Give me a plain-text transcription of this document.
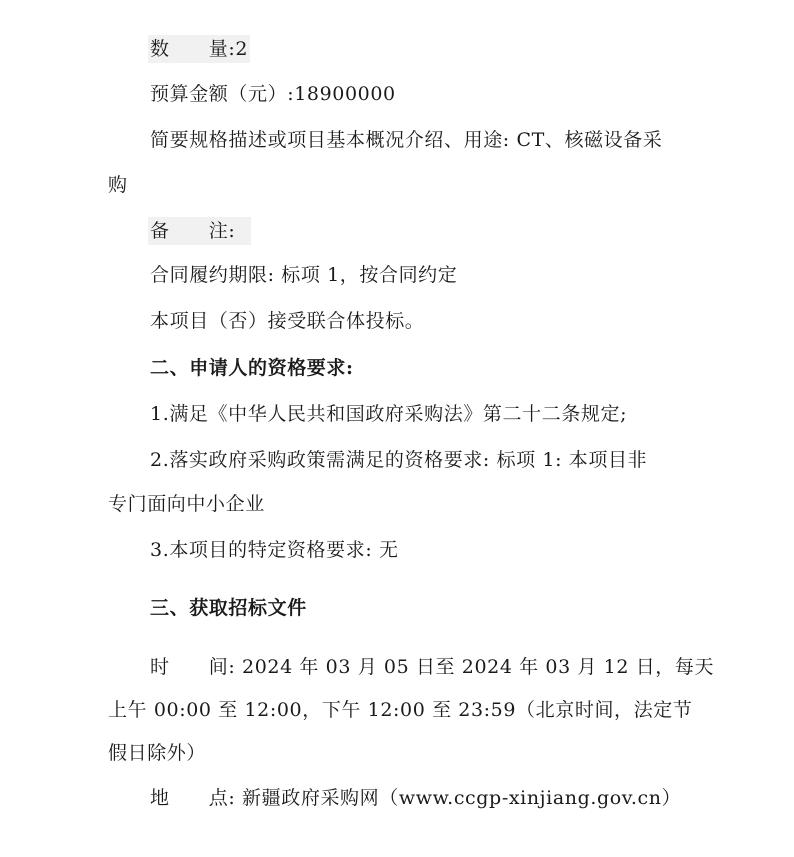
数　　量:2
预算金额（元）:18900000
简要规格描述或项目基本概况介绍、用途: CT、核磁设备采
购
备　　注:
合同履约期限: 标项 1，按合同约定
本项目（否）接受联合体投标。
二、申请人的资格要求:
1.满足《中华人民共和国政府采购法》第二十二条规定;
2.落实政府采购政策需满足的资格要求: 标项 1: 本项目非
专门面向中小企业
3.本项目的特定资格要求: 无
三、获取招标文件
时　　间: 2024 年 03 月 05 日至 2024 年 03 月 12 日，每天
上午 00:00 至 12:00，下午 12:00 至 23:59（北京时间，法定节
假日除外）
地　　点: 新疆政府采购网（www.ccgp-xinjiang.gov.cn）
